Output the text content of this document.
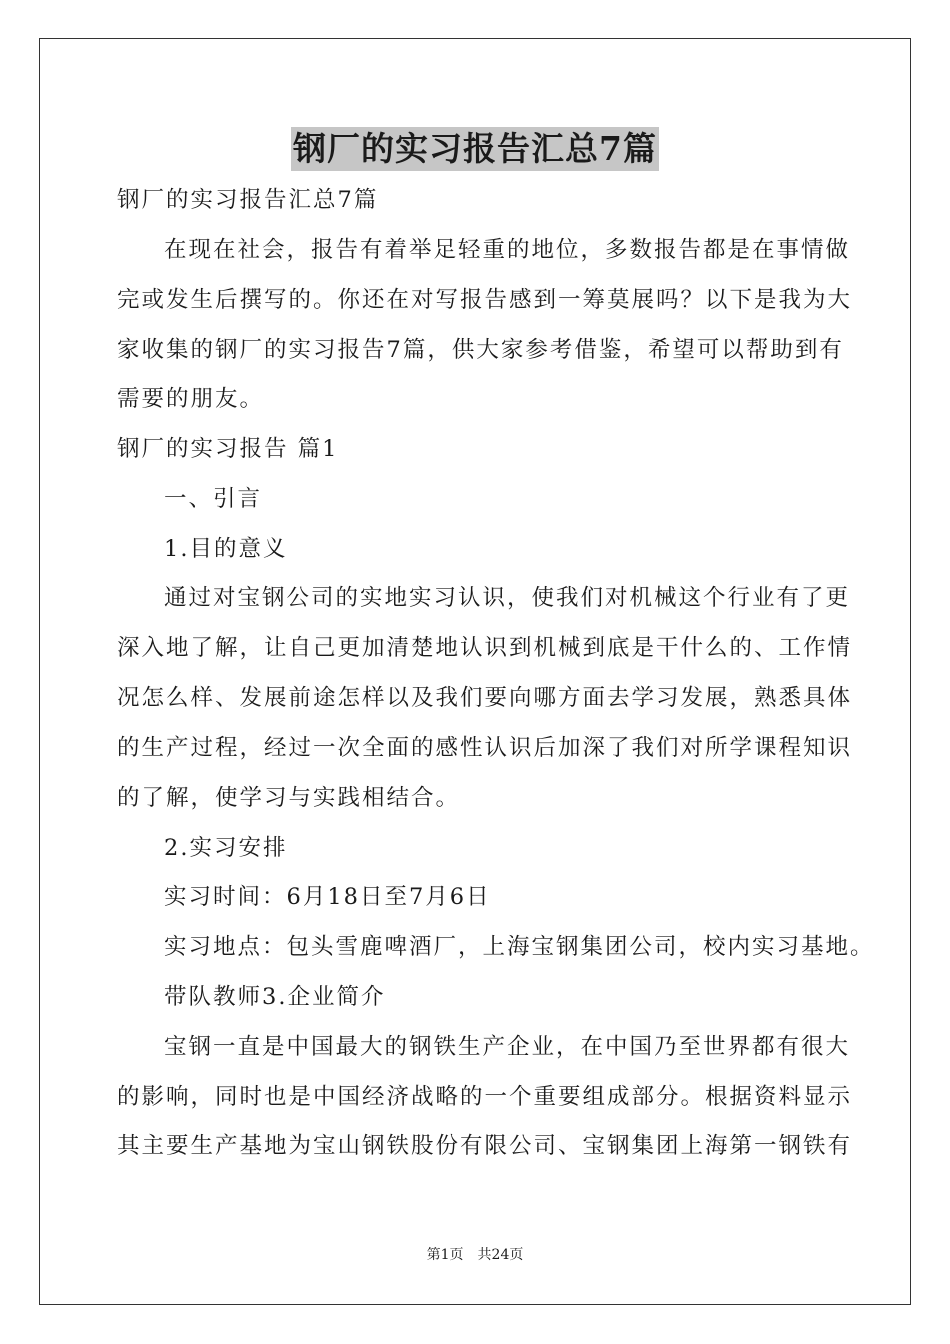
钢厂的实习报告汇总7篇
钢厂的实习报告汇总7篇
在现在社会，报告有着举足轻重的地位，多数报告都是在事情做
完或发生后撰写的。你还在对写报告感到一筹莫展吗？以下是我为大
家收集的钢厂的实习报告7篇，供大家参考借鉴，希望可以帮助到有
需要的朋友。
钢厂的实习报告 篇1
一、引言
1.目的意义
通过对宝钢公司的实地实习认识，使我们对机械这个行业有了更
深入地了解，让自己更加清楚地认识到机械到底是干什么的、工作情
况怎么样、发展前途怎样以及我们要向哪方面去学习发展，熟悉具体
的生产过程，经过一次全面的感性认识后加深了我们对所学课程知识
的了解，使学习与实践相结合。
2.实习安排
实习时间：6月18日至7月6日
实习地点：包头雪鹿啤酒厂，上海宝钢集团公司，校内实习基地。
带队教师3.企业简介
宝钢一直是中国最大的钢铁生产企业，在中国乃至世界都有很大
的影响，同时也是中国经济战略的一个重要组成部分。根据资料显示
其主要生产基地为宝山钢铁股份有限公司、宝钢集团上海第一钢铁有
第1页　共24页
